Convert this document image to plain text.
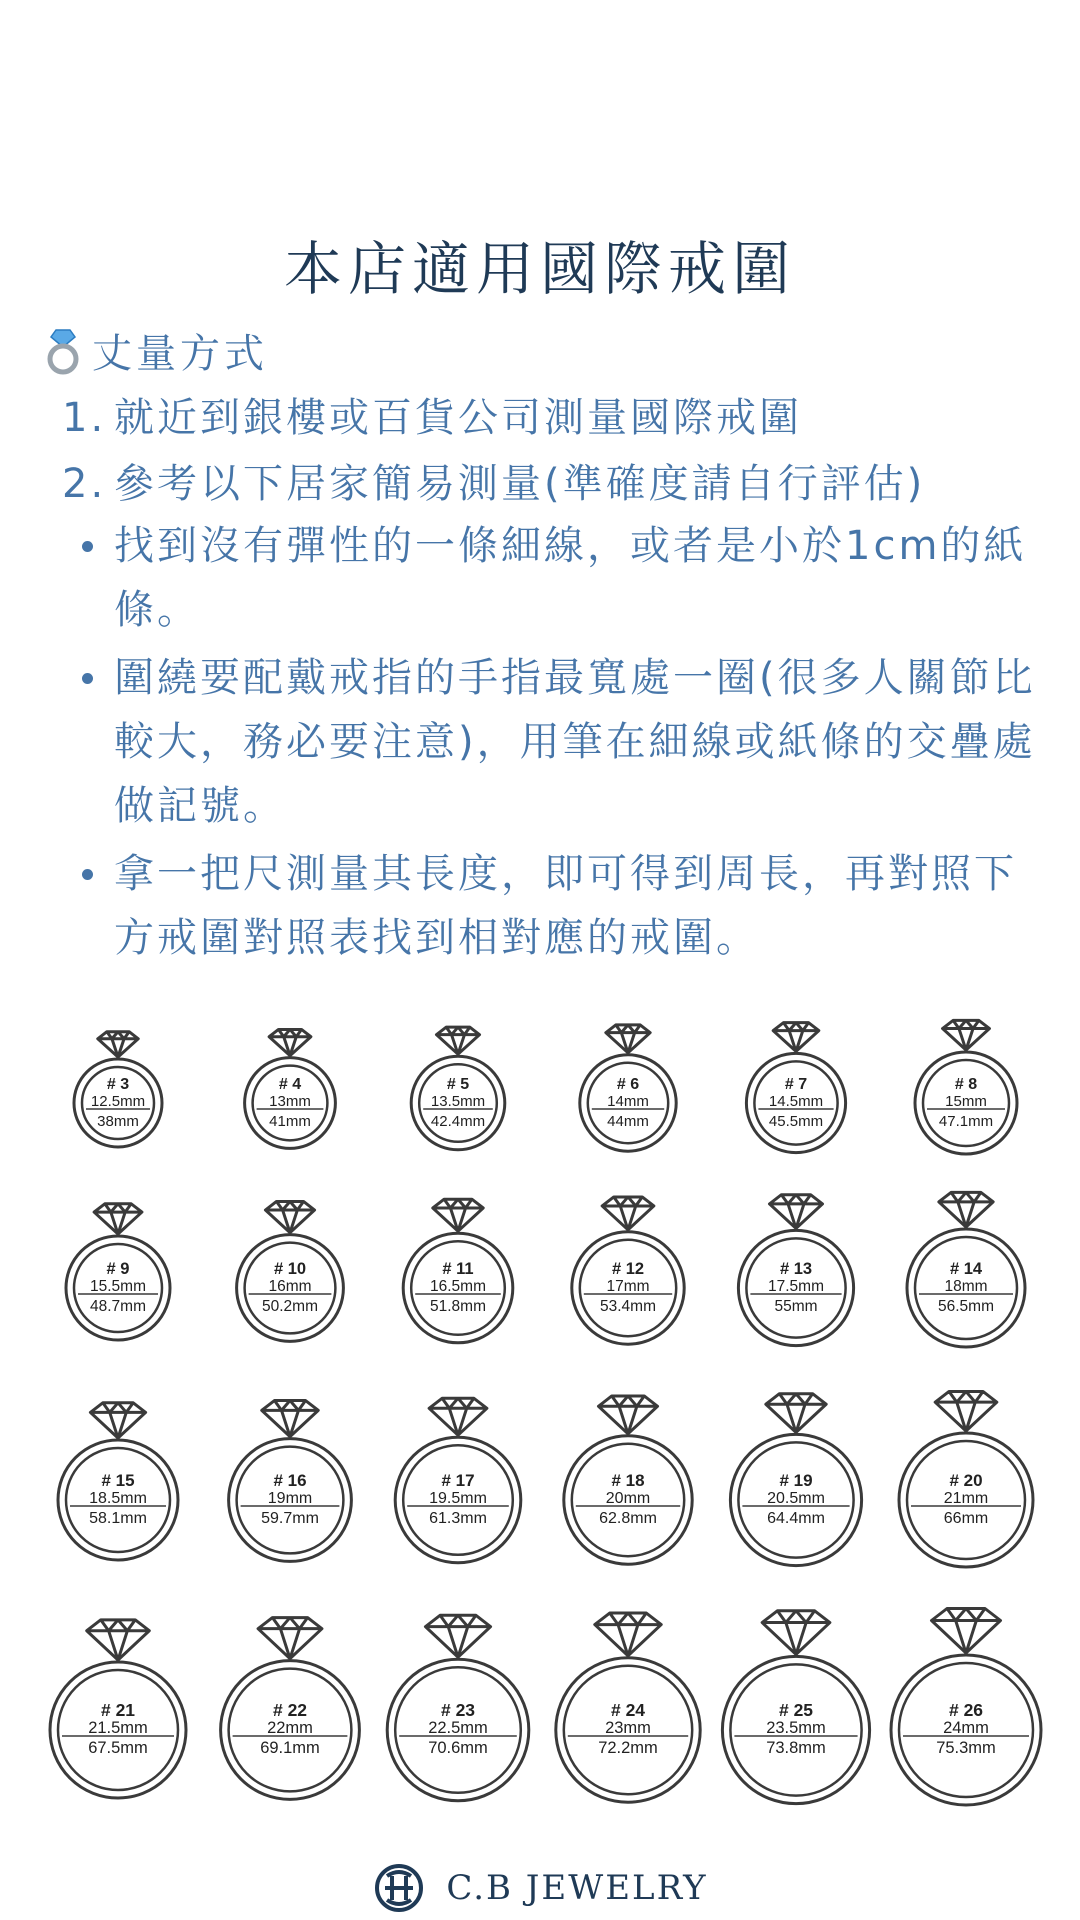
本店適用國際戒圍
丈量方式
1. 就近到銀樓或百貨公司測量國際戒圍
2. 參考以下居家簡易測量(準確度請自行評估)
找到沒有彈性的一條細線，或者是小於1cm的紙條。
圍繞要配戴戒指的手指最寬處一圈(很多人關節比較大，務必要注意)，用筆在細線或紙條的交疊處做記號。
拿一把尺測量其長度，即可得到周長，再對照下方戒圍對照表找到相對應的戒圍。
# 3
12.5mm
38mm
# 4
13mm
41mm
# 5
13.5mm
42.4mm
# 6
14mm
44mm
# 7
14.5mm
45.5mm
# 8
15mm
47.1mm
# 9
15.5mm
48.7mm
# 10
16mm
50.2mm
# 11
16.5mm
51.8mm
# 12
17mm
53.4mm
# 13
17.5mm
55mm
# 14
18mm
56.5mm
# 15
18.5mm
58.1mm
# 16
19mm
59.7mm
# 17
19.5mm
61.3mm
# 18
20mm
62.8mm
# 19
20.5mm
64.4mm
# 20
21mm
66mm
# 21
21.5mm
67.5mm
# 22
22mm
69.1mm
# 23
22.5mm
70.6mm
# 24
23mm
72.2mm
# 25
23.5mm
73.8mm
# 26
24mm
75.3mm
C.B JEWELRY
